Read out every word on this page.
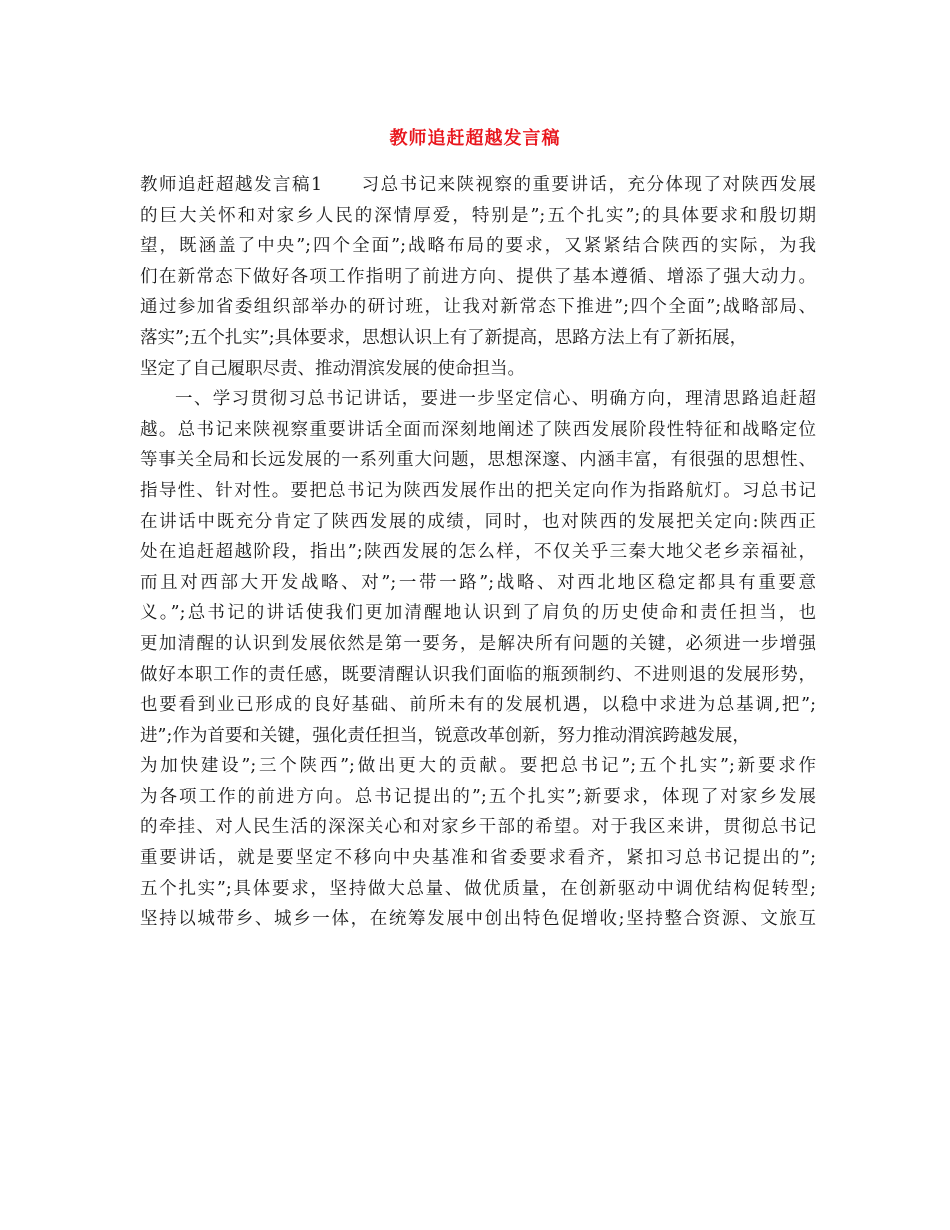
教师追赶超越发言稿
教师追赶超越发言稿1　　习总书记来陕视察的重要讲话，充分体现了对陕西发展
的巨大关怀和对家乡人民的深情厚爱，特别是”;五个扎实”;的具体要求和殷切期
望，既涵盖了中央”;四个全面”;战略布局的要求，又紧紧结合陕西的实际，为我
们在新常态下做好各项工作指明了前进方向、提供了基本遵循、增添了强大动力。
通过参加省委组织部举办的研讨班，让我对新常态下推进”;四个全面”;战略部局、
落实”;五个扎实”;具体要求，思想认识上有了新提高，思路方法上有了新拓展，
坚定了自己履职尽责、推动渭滨发展的使命担当。
一、学习贯彻习总书记讲话，要进一步坚定信心、明确方向，理清思路追赶超
越。总书记来陕视察重要讲话全面而深刻地阐述了陕西发展阶段性特征和战略定位
等事关全局和长远发展的一系列重大问题，思想深邃、内涵丰富，有很强的思想性、
指导性、针对性。要把总书记为陕西发展作出的把关定向作为指路航灯。习总书记
在讲话中既充分肯定了陕西发展的成绩，同时，也对陕西的发展把关定向:陕西正
处在追赶超越阶段，指出”;陕西发展的怎么样，不仅关乎三秦大地父老乡亲福祉，
而且对西部大开发战略、对”;一带一路”;战略、对西北地区稳定都具有重要意
义。”;总书记的讲话使我们更加清醒地认识到了肩负的历史使命和责任担当，也
更加清醒的认识到发展依然是第一要务，是解决所有问题的关键，必须进一步增强
做好本职工作的责任感，既要清醒认识我们面临的瓶颈制约、不进则退的发展形势，
也要看到业已形成的良好基础、前所未有的发展机遇，以稳中求进为总基调,把”;
进”;作为首要和关键，强化责任担当，锐意改革创新，努力推动渭滨跨越发展，
为加快建设”;三个陕西”;做出更大的贡献。要把总书记”;五个扎实”;新要求作
为各项工作的前进方向。总书记提出的”;五个扎实”;新要求，体现了对家乡发展
的牵挂、对人民生活的深深关心和对家乡干部的希望。对于我区来讲，贯彻总书记
重要讲话，就是要坚定不移向中央基准和省委要求看齐，紧扣习总书记提出的”;
五个扎实”;具体要求，坚持做大总量、做优质量，在创新驱动中调优结构促转型;
坚持以城带乡、城乡一体，在统筹发展中创出特色促增收;坚持整合资源、文旅互
